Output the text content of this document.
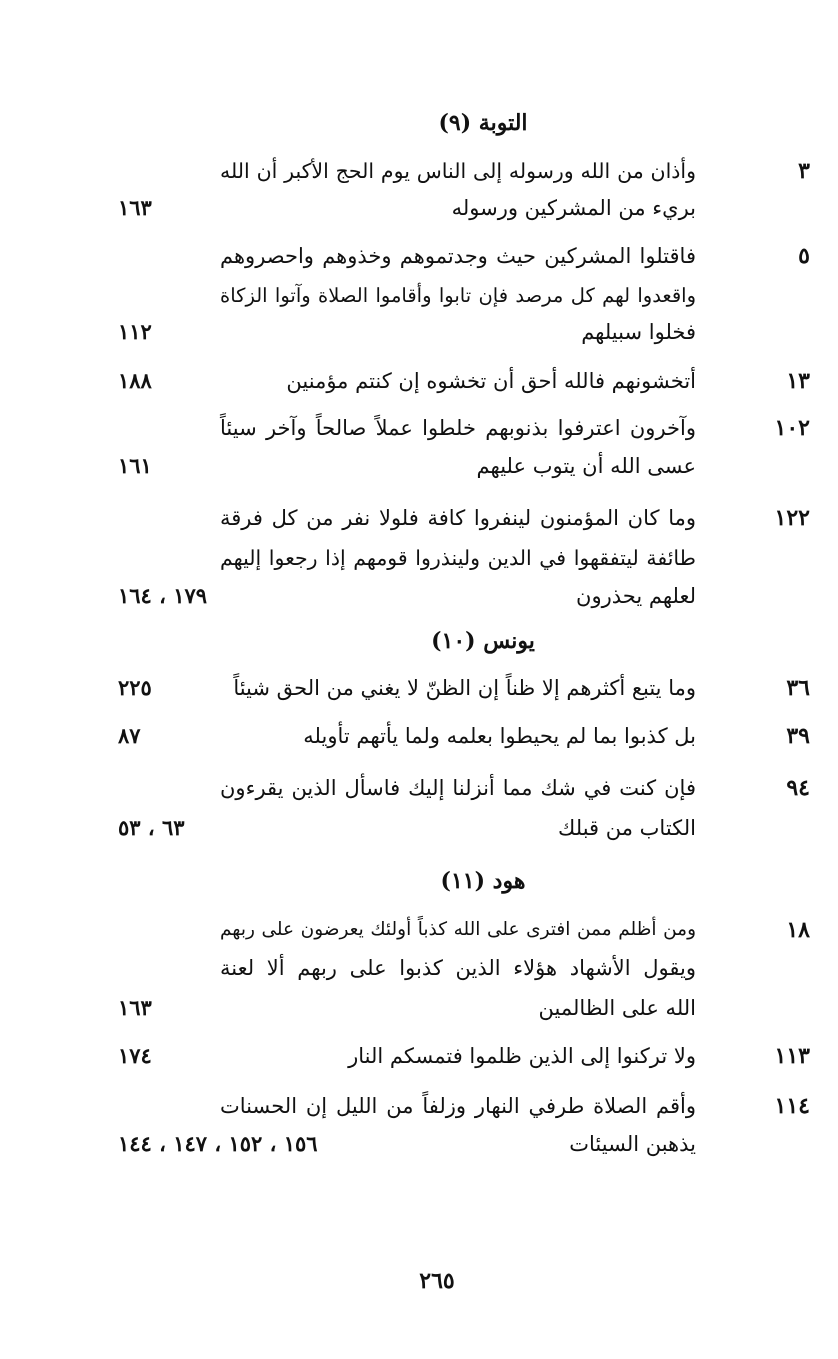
التوبة (٩)
٣
وأذان من الله ورسوله إلى الناس يوم الحج الأكبر أن الله
بريء من المشركين ورسوله
١٦٣
٥
فاقتلوا المشركين حيث وجدتموهم وخذوهم واحصروهم
واقعدوا لهم كل مرصد فإن تابوا وأقاموا الصلاة وآتوا الزكاة
فخلوا سبيلهم
١١٢
١٣
أتخشونهم فالله أحق أن تخشوه إن كنتم مؤمنين
١٨٨
١٠٢
وآخرون اعترفوا بذنوبهم خلطوا عملاً صالحاً وآخر سيئاً
عسى الله أن يتوب عليهم
١٦١
١٢٢
وما كان المؤمنون لينفروا كافة فلولا نفر من كل فرقة
طائفة ليتفقهوا في الدين ولينذروا قومهم إذا رجعوا إليهم
لعلهم يحذرون
١٧٩ ، ١٦٤
يونس (١٠)
٣٦
وما يتبع أكثرهم إلا ظناً إن الظنّ لا يغني من الحق شيئاً
٢٢٥
٣٩
بل كذبوا بما لم يحيطوا بعلمه ولما يأتهم تأويله
٨٧
٩٤
فإن كنت في شك مما أنزلنا إليك فاسأل الذين يقرءون
الكتاب من قبلك
٦٣ ، ٥٣
هود (١١)
١٨
ومن أظلم ممن افترى على الله كذباً أولئك يعرضون على ربهم
ويقول الأشهاد هؤلاء الذين كذبوا على ربهم ألا لعنة
الله على الظالمين
١٦٣
١١٣
ولا تركنوا إلى الذين ظلموا فتمسكم النار
١٧٤
١١٤
وأقم الصلاة طرفي النهار وزلفاً من الليل إن الحسنات
يذهبن السيئات
١٥٦ ، ١٥٢ ، ١٤٧ ، ١٤٤
٢٦٥
